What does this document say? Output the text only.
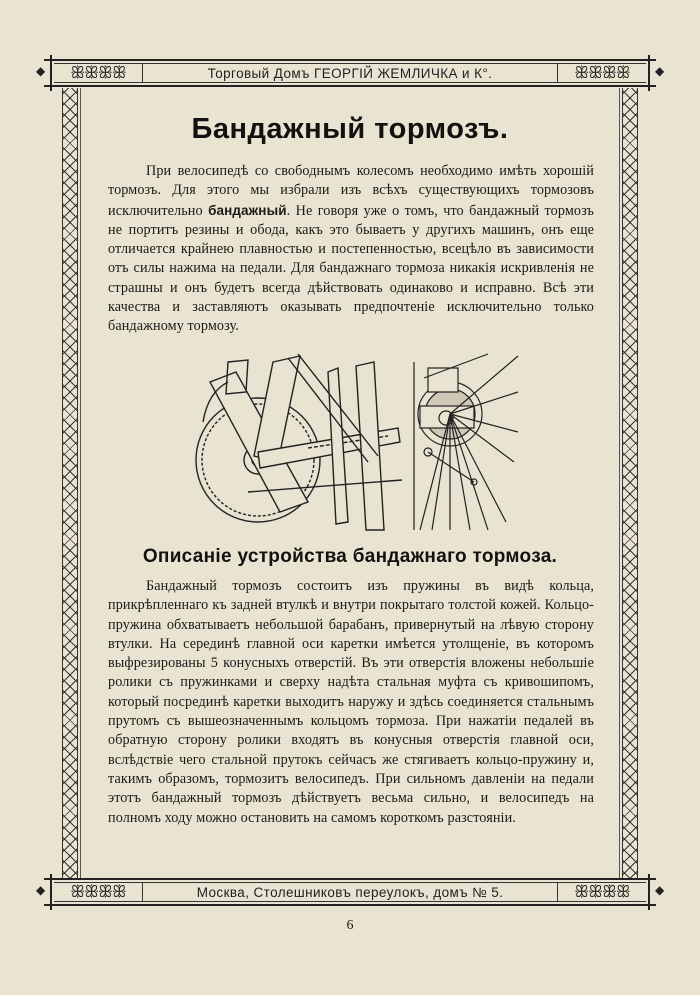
◆	◆
ꕥꕥꕥꕥ	Торговый Домъ ГЕОРГІЙ ЖЕМЛИЧКА и К°.	ꕥꕥꕥꕥ
Бандажный тормозъ.

При велосипедѣ со свободнымъ колесомъ необходимо имѣть хорошій тормозъ. Для этого мы избрали изъ всѣхъ существующихъ тормозовъ исключительно бандажный. Не говоря уже о томъ, что бандажный тормозъ не портитъ резины и обода, какъ это бываетъ у другихъ машинъ, онъ еще отличается крайнею плавностью и постепенностью, всецѣло въ зависимости отъ силы нажима на педали. Для бандажнаго тормоза никакія искривленія не страшны и онъ будетъ всегда дѣйствовать одинаково и исправно. Всѣ эти качества и заставляютъ оказывать предпочтеніе исключительно только бандажному тормозу.

Описаніе устройства бандажнаго тормоза.

Бандажный тормозъ состоитъ изъ пружины въ видѣ кольца, прикрѣпленнаго къ задней втулкѣ и внутри покрытаго толстой кожей. Кольцо-пружина обхватываетъ небольшой барабанъ, привернутый на лѣвую сторону втулки. На серединѣ главной оси каретки имѣется утолщеніе, въ которомъ выфрезированы 5 конусныхъ отверстій. Въ эти отверстія вложены небольшіе ролики съ пружинками и сверху надѣта стальная муфта съ кривошипомъ, который посрединѣ каретки выходитъ наружу и здѣсь соединяется стальнымъ прутомъ съ вышеозначеннымъ кольцомъ тормоза. При нажатіи педалей въ обратную сторону ролики входятъ въ конусныя отверстія главной оси, вслѣдствіе чего стальной прутокъ сейчасъ же стягиваетъ кольцо-пружину и, такимъ образомъ, тормозитъ велосипедъ. При сильномъ давленіи на педали этотъ бандажный тормозъ дѣйствуетъ весьма сильно, и велосипедъ на полномъ ходу можно остановить на самомъ короткомъ разстояніи.

◆	◆
ꕥꕥꕥꕥ	Москва, Столешниковъ переулокъ, домъ № 5.	ꕥꕥꕥꕥ
6
